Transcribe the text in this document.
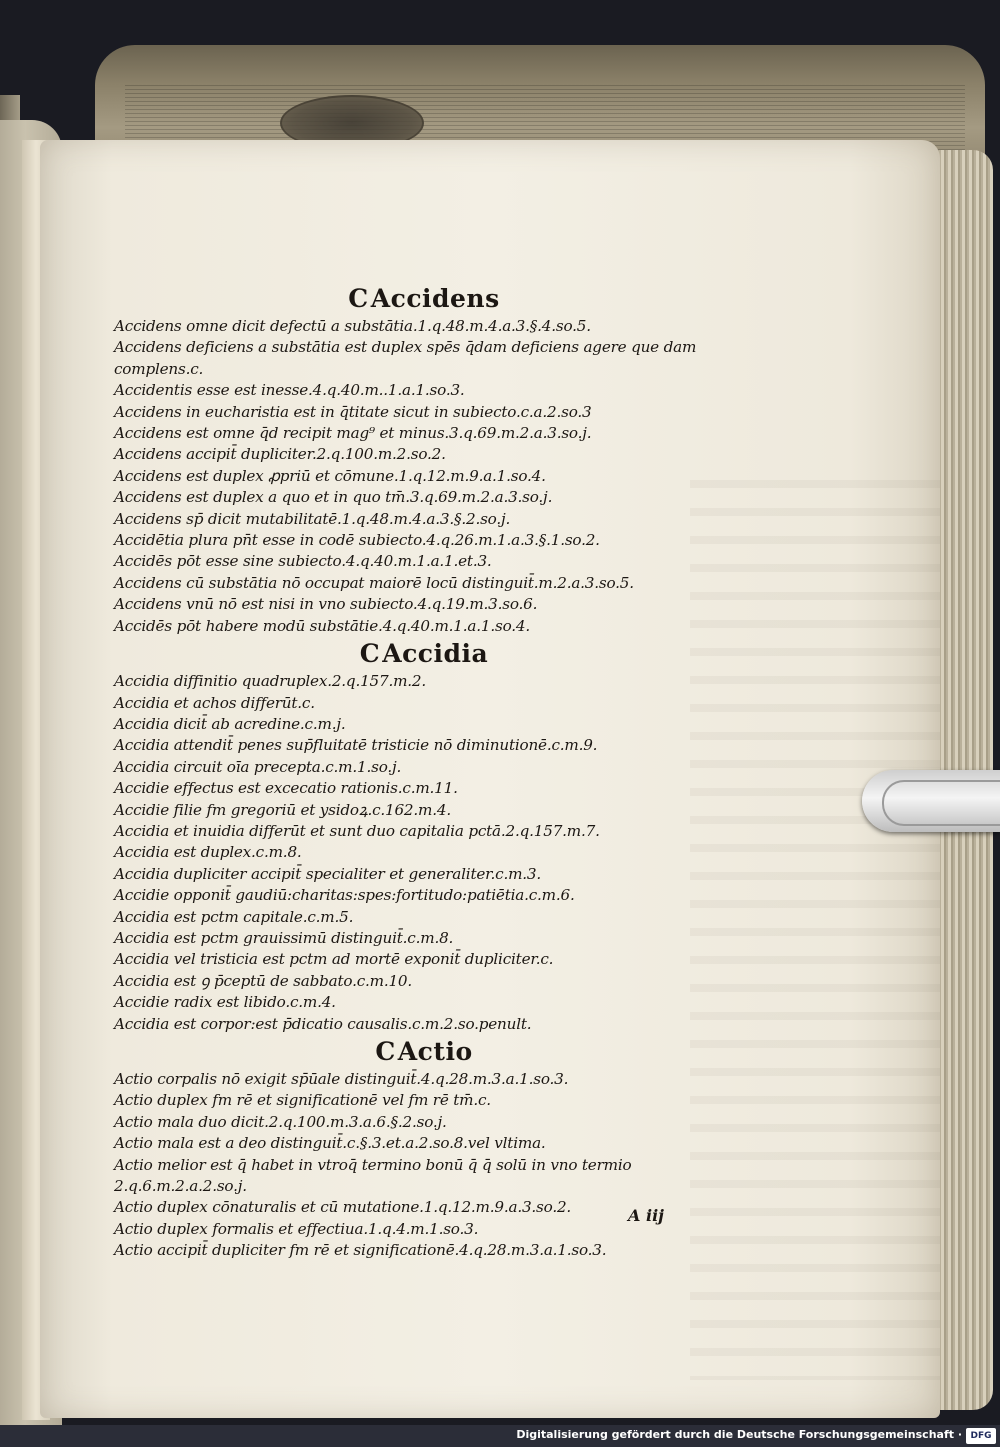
CAccidens
Accidens omne dicit defectū a substātia.1.q.48.m.4.a.3.§.4.so.5.
Accidens deficiens a substātia est duplex spēs q̄dam deficiens agere que dam complens.c.
Accidentis esse est inesse.4.q.40.m..1.a.1.so.3.
Accidens in eucharistia est in q̄titate sicut in subiecto.c.a.2.so.3
Accidens est omne q̄d recipit mag⁹ et minus.3.q.69.m.2.a.3.so.j.
Accidens accipit̄ dupliciter.2.q.100.m.2.so.2.
Accidens est duplex ꝓpriū et cōmune.1.q.12.m.9.a.1.so.4.
Accidens est duplex a quo et in quo tm̄.3.q.69.m.2.a.3.so.j.
Accidens sp̄ dicit mutabilitatē.1.q.48.m.4.a.3.§.2.so.j.
Accidētia plura pn̄t esse in codē subiecto.4.q.26.m.1.a.3.§.1.so.2.
Accidēs pōt esse sine subiecto.4.q.40.m.1.a.1.et.3.
Accidens cū substātia nō occupat maiorē locū distinguit̄.m.2.a.3.so.5.
Accidens vnū nō est nisi in vno subiecto.4.q.19.m.3.so.6.
Accidēs pōt habere modū substātie.4.q.40.m.1.a.1.so.4.
CAccidia
Accidia diffinitio quadruplex.2.q.157.m.2.
Accidia et achos differūt.c.
Accidia dicit̄ ab acredine.c.m.j.
Accidia attendit̄ penes sup̄fluitatē tristicie nō diminutionē.c.m.9.
Accidia circuit oīa precepta.c.m.1.so.j.
Accidie effectus est excecatio rationis.c.m.11.
Accidie filie fm gregoriū et ysidoꝝ.c.162.m.4.
Accidia et inuidia differūt et sunt duo capitalia pctā.2.q.157.m.7.
Accidia est duplex.c.m.8.
Accidia dupliciter accipit̄ specialiter et generaliter.c.m.3.
Accidie opponit̄ gaudiū:charitas:spes:fortitudo:patiētia.c.m.6.
Accidia est pctm capitale.c.m.5.
Accidia est pctm grauissimū distinguit̄.c.m.8.
Accidia vel tristicia est pctm ad mortē exponit̄ dupliciter.c.
Accidia est ꝯ p̄ceptū de sabbato.c.m.10.
Accidie radix est libido.c.m.4.
Accidia est corpor:est p̄dicatio causalis.c.m.2.so.penult.
CActio
Actio corpalis nō exigit sp̄ūale distinguit̄.4.q.28.m.3.a.1.so.3.
Actio duplex fm rē et significationē vel fm rē tm̄.c.
Actio mala duo dicit.2.q.100.m.3.a.6.§.2.so.j.
Actio mala est a deo distinguit̄.c.§.3.et.a.2.so.8.vel vltima.
Actio melior est q̄ habet in vtroq̄ termino bonū q̄ q̄ solū in vno termio 2.q.6.m.2.a.2.so.j.
Actio duplex cōnaturalis et cū mutatione.1.q.12.m.9.a.3.so.2.
Actio duplex formalis et effectiua.1.q.4.m.1.so.3.
Actio accipit̄ dupliciter fm rē et significationē.4.q.28.m.3.a.1.so.3.
A iij
Digitalisierung gefördert durch die Deutsche Forschungsgemeinschaft · DFG
